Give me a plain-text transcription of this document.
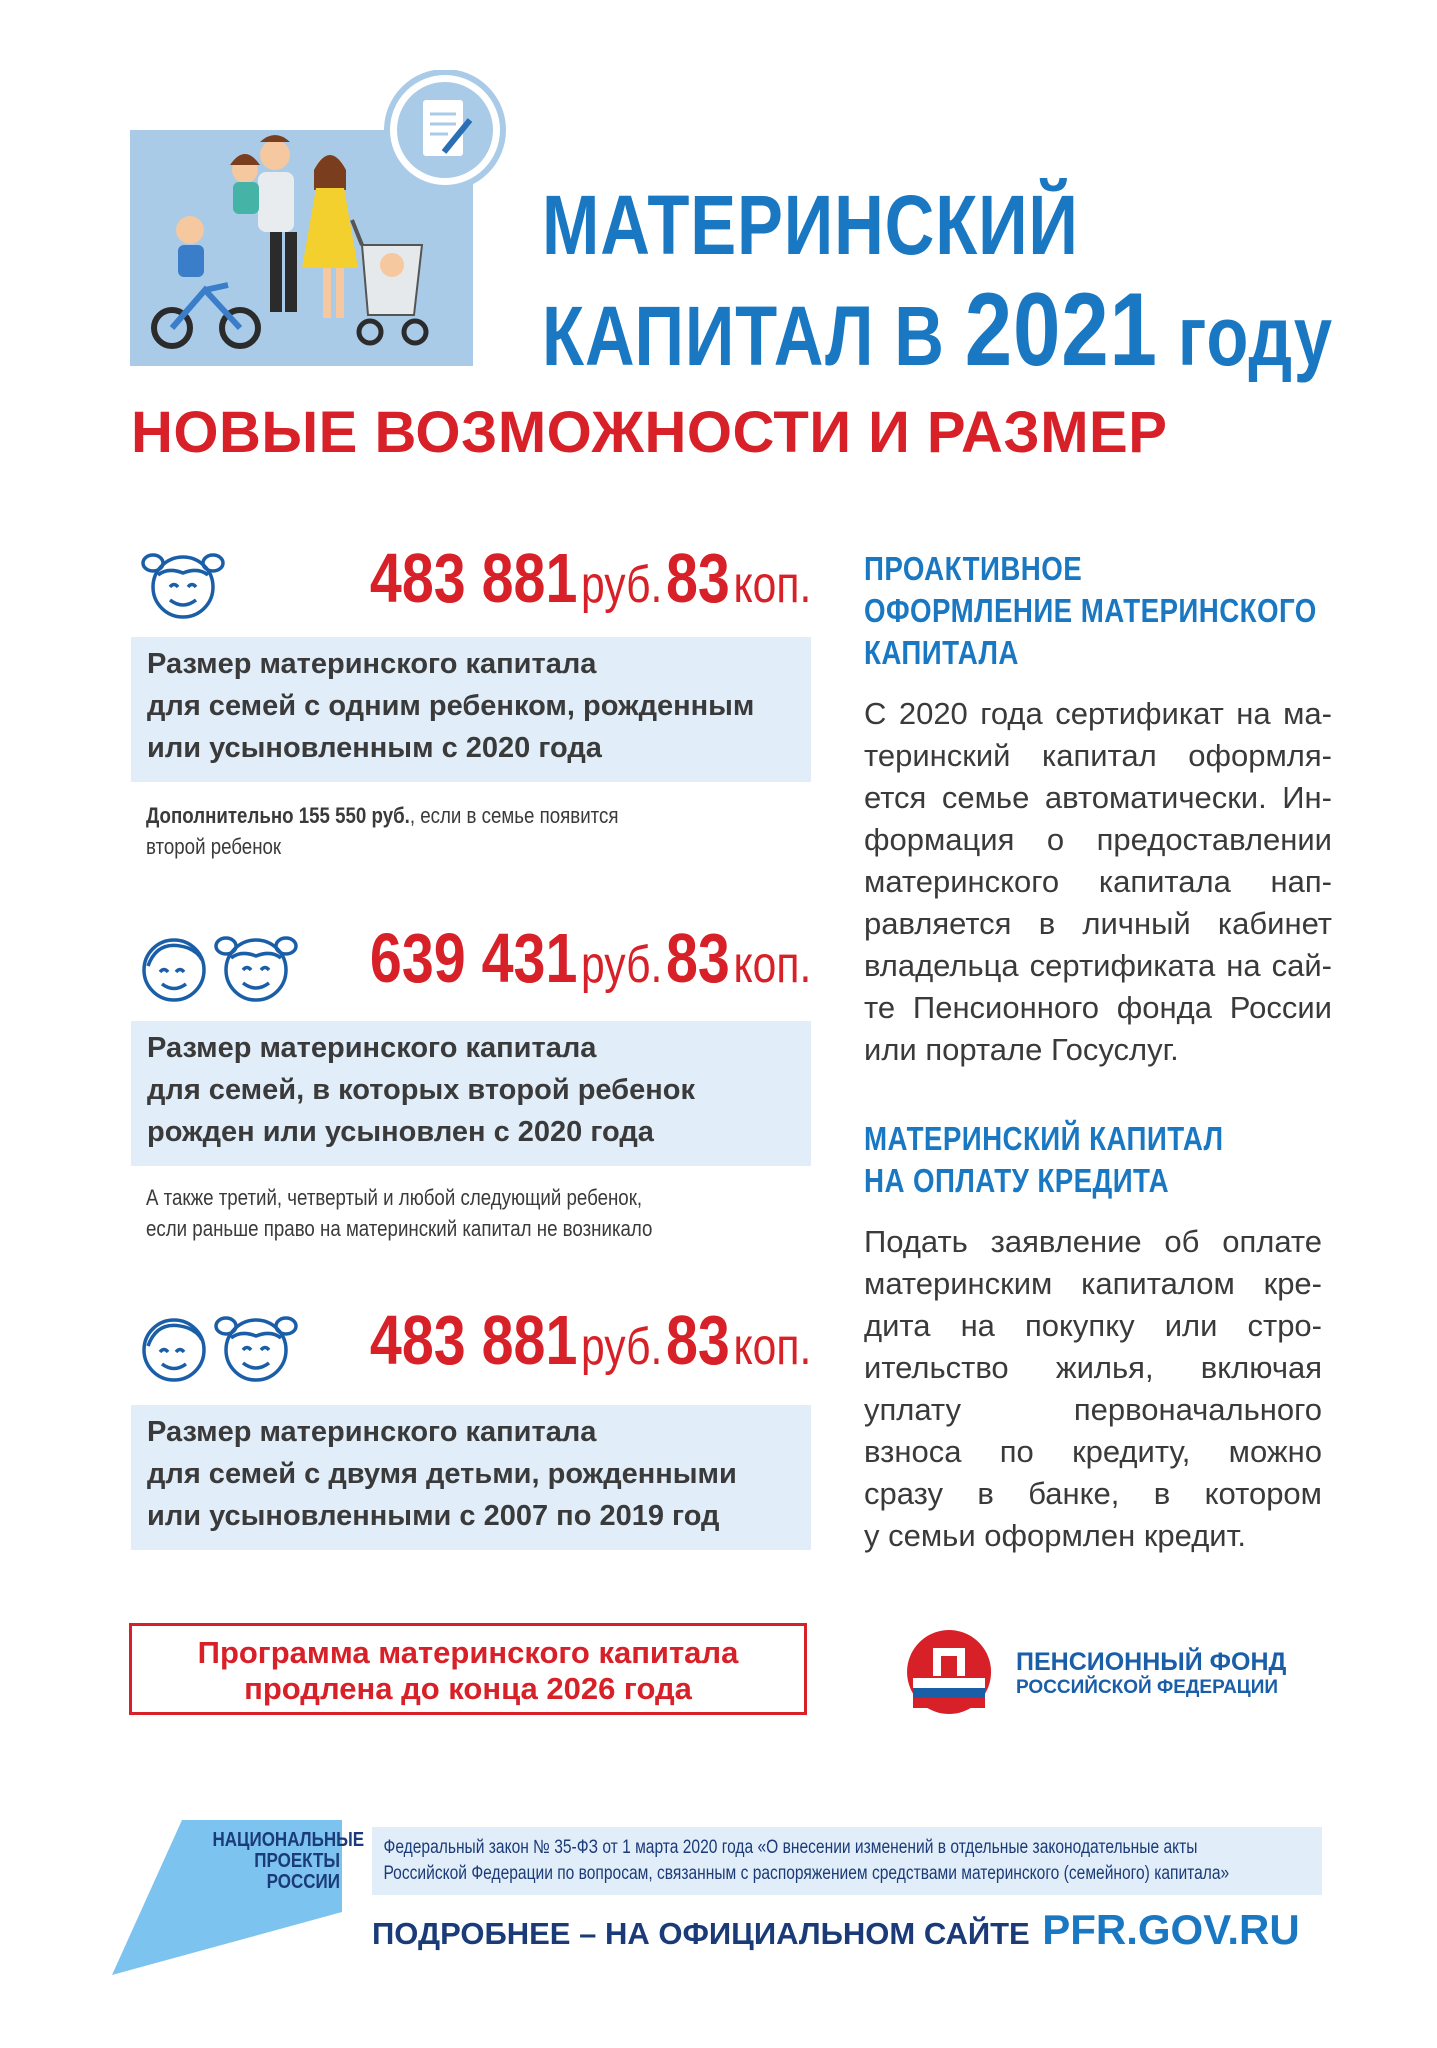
МАТЕРИНСКИЙ
КАПИТАЛ В 2021 году
НОВЫЕ ВОЗМОЖНОСТИ И РАЗМЕР
483 881 руб. 83 коп.
Размер материнского капитала
для семей с одним ребенком, рожденным
или усыновленным с 2020 года
Дополнительно 155 550 руб., если в семье появится
второй ребенок
639 431 руб. 83 коп.
Размер материнского капитала
для семей, в которых второй ребенок
рожден или усыновлен с 2020 года
А также третий, четвертый и любой следующий ребенок,
если раньше право на материнский капитал не возникало
483 881 руб. 83 коп.
Размер материнского капитала
для семей с двумя детьми, рожденными
или усыновленными с 2007 по 2019 год
ПРОАКТИВНОЕ
ОФОРМЛЕНИЕ МАТЕРИНСКОГО
КАПИТАЛА
С 2020 года сертификат на ма-
теринский капитал оформля-
ется семье автоматически. Ин-
формация о предоставлении
материнского капитала нап-
равляется в личный кабинет
владельца сертификата на сай-
те Пенсионного фонда России
или портале Госуслуг.
МАТЕРИНСКИЙ КАПИТАЛ
НА ОПЛАТУ КРЕДИТА
Подать заявление об оплате
материнским капиталом кре-
дита на покупку или стро-
ительство жилья, включая
уплату первоначального
взноса по кредиту, можно
сразу в банке, в котором
у семьи оформлен кредит.
Программа материнского капитала
продлена до конца 2026 года
ПЕНСИОННЫЙ ФОНД
РОССИЙСКОЙ ФЕДЕРАЦИИ
НАЦИОНАЛЬНЫЕ
ПРОЕКТЫ
РОССИИ
Федеральный закон № 35-ФЗ от 1 марта 2020 года «О внесении изменений в отдельные законодательные акты
Российской Федерации по вопросам, связанным с распоряжением средствами материнского (семейного) капитала»
ПОДРОБНЕЕ – НА ОФИЦИАЛЬНОМ САЙТЕ PFR.GOV.RU
